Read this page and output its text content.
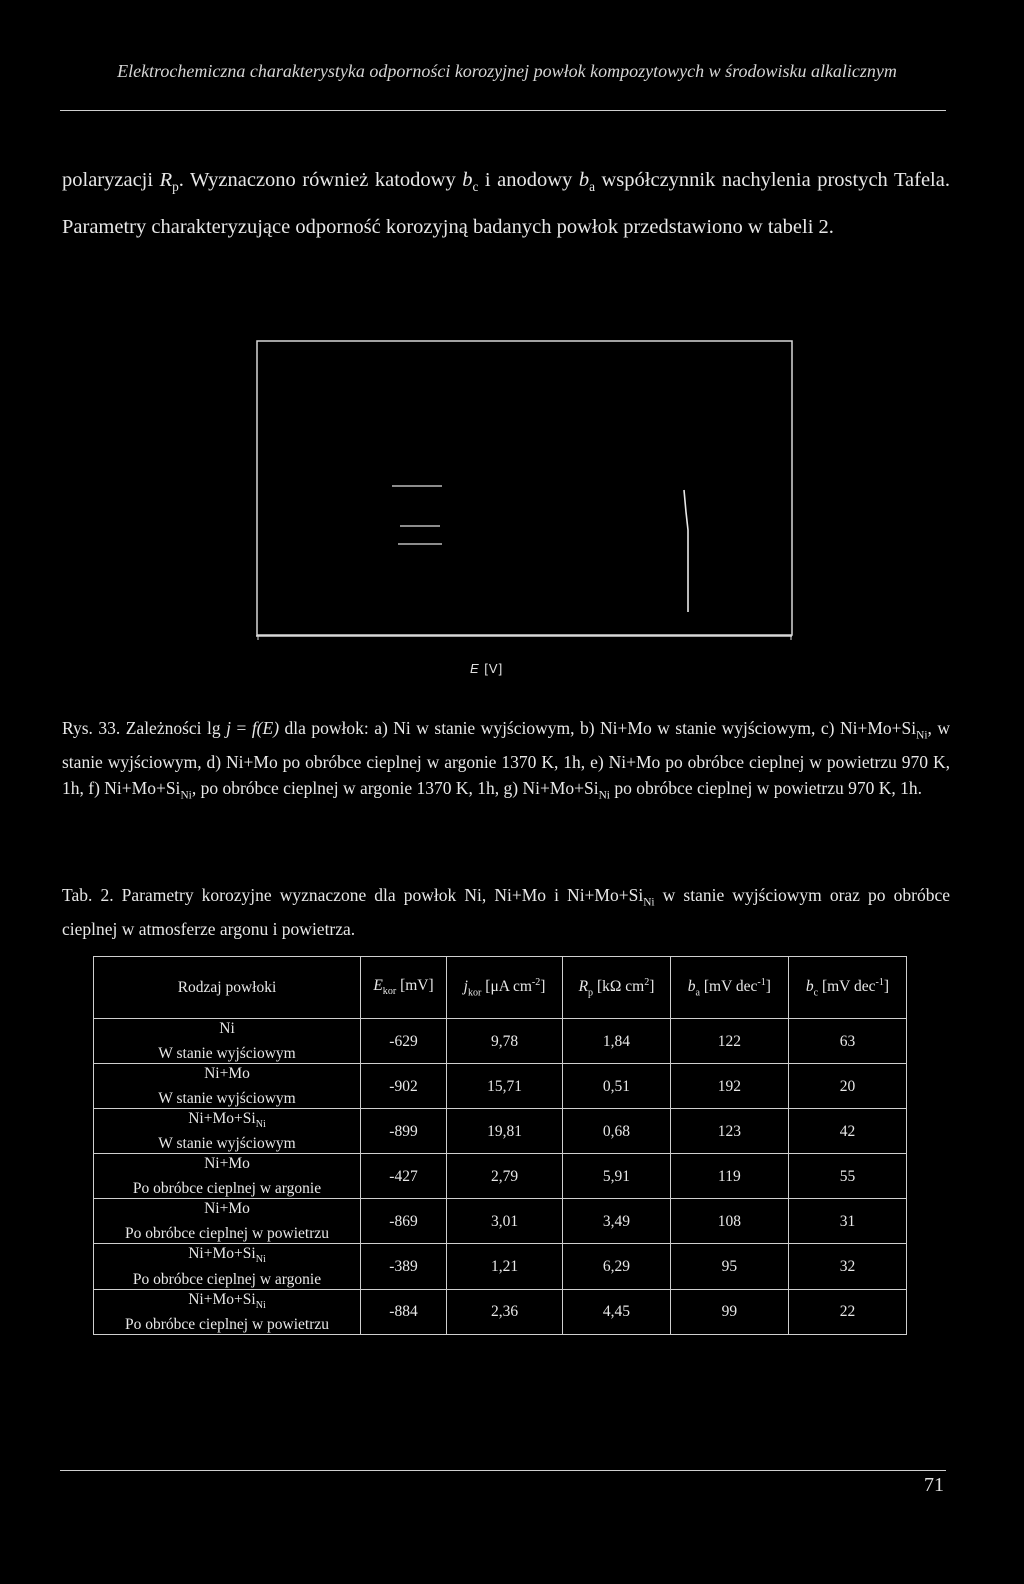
Elektrochemiczna charakterystyka odporności korozyjnej powłok kompozytowych w środowisku alkalicznym
polaryzacji $R_p$. Wyznaczono również katodowy $b_c$ i anodowy $b_a$ współczynnik nachylenia prostych Tafela. Parametry charakteryzujące odporność korozyjną badanych powłok przedstawiono w tabeli 2.
E [V]
Rys. 33. Zależności lg j = f(E) dla powłok: a) Ni w stanie wyjściowym, b) Ni+Mo w stanie wyjściowym, c) $Ni+Mo+Si_{Ni}$, w stanie wyjściowym, d) Ni+Mo po obróbce cieplnej w argonie 1370 K, 1h, e) Ni+Mo po obróbce cieplnej w powietrzu 970 K, 1h, f) $Ni+Mo+Si_{Ni}$, po obróbce cieplnej w argonie 1370 K, 1h, g) $Ni+Mo+Si_{Ni}$ po obróbce cieplnej w powietrzu 970 K, 1h.
Tab. 2. Parametry korozyjne wyznaczone dla powłok Ni, Ni+Mo i $Ni+Mo+Si_{Ni}$ w stanie wyjściowym oraz po obróbce cieplnej w atmosferze argonu i powietrza.
Rodzaj powłoki	$E_{kor}$ [mV]	$j_{kor}$ [μA $cm^{-2}$]	$R_p$ [kΩ $cm^2$]	$b_a$ [mV dec$^{-1}$]	$b_c$ [mV dec$^{-1}$]
Ni
W stanie wyjściowym	-629	9,78	1,84	122	63
Ni+Mo
W stanie wyjściowym	-902	15,71	0,51	192	20
$Ni+Mo+Si_{Ni}$
W stanie wyjściowym	-899	19,81	0,68	123	42
Ni+Mo
Po obróbce cieplnej w argonie	-427	2,79	5,91	119	55
Ni+Mo
Po obróbce cieplnej w powietrzu	-869	3,01	3,49	108	31
$Ni+Mo+Si_{Ni}$
Po obróbce cieplnej w argonie	-389	1,21	6,29	95	32
$Ni+Mo+Si_{Ni}$
Po obróbce cieplnej w powietrzu	-884	2,36	4,45	99	22
71
